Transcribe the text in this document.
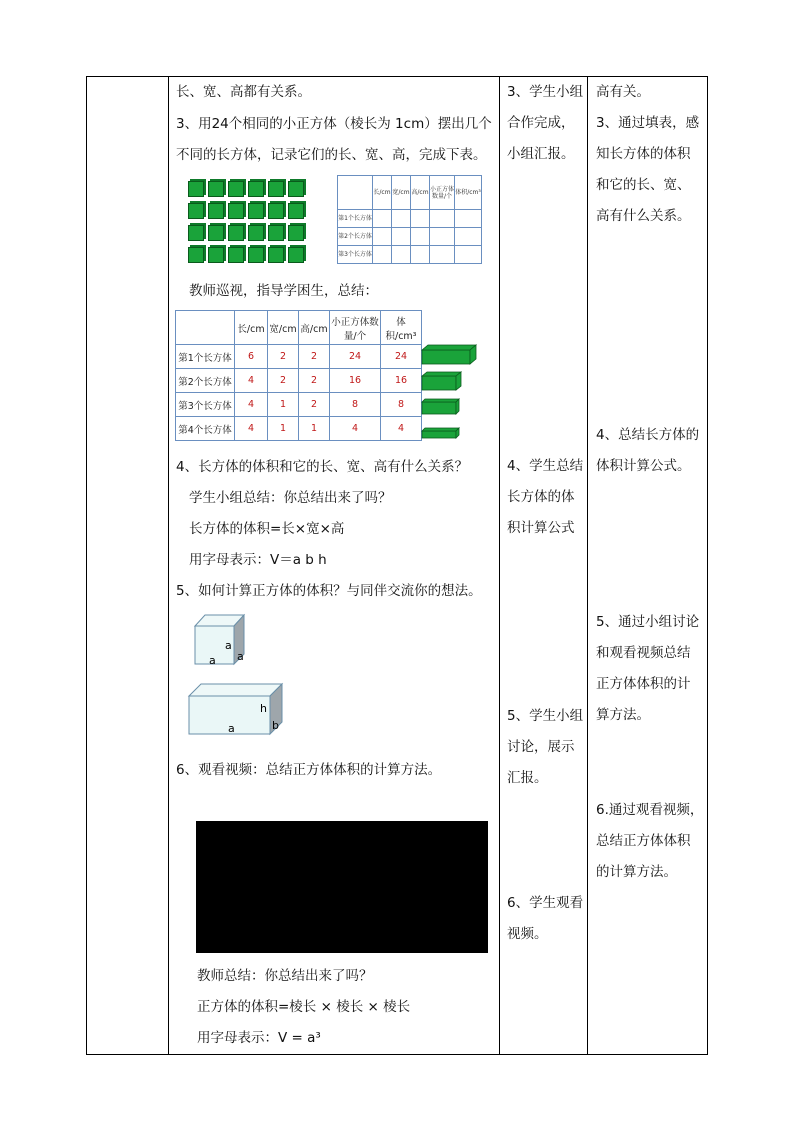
长、宽、高都有关系。
3、用24个相同的小正方体（棱长为 1cm）摆出几个
不同的长方体，记录它们的长、宽、高，完成下表。
	长/cm	宽/cm	高/cm	小正方体数量/个	体积/cm³
第1个长方体					
第2个长方体					
第3个长方体					
教师巡视，指导学困生，总结：
	长/cm	宽/cm	高/cm	小正方体数量/个	体积/cm³
第1个长方体	6	2	2	24	24
第2个长方体	4	2	2	16	16
第3个长方体	4	1	2	8	8
第4个长方体	4	1	1	4	4
4、长方体的体积和它的长、宽、高有什么关系？
学生小组总结：你总结出来了吗？
长方体的体积=长×宽×高
用字母表示：V＝a b h
5、如何计算正方体的体积？与同伴交流你的想法。
a
a
a
h
a	b
6、观看视频：总结正方体体积的计算方法。
教师总结：你总结出来了吗？
正方体的体积=棱长 × 棱长 × 棱长
用字母表示：V = a³
3、学生小组
合作完成，
小组汇报。
4、学生总结
长方体的体
积计算公式
5、学生小组
讨论，展示
汇报。
6、学生观看
视频。
高有关。
3、通过填表，感
知长方体的体积
和它的长、宽、
高有什么关系。
4、总结长方体的
体积计算公式。
5、通过小组讨论
和观看视频总结
正方体体积的计
算方法。
6.通过观看视频，
总结正方体体积
的计算方法。
